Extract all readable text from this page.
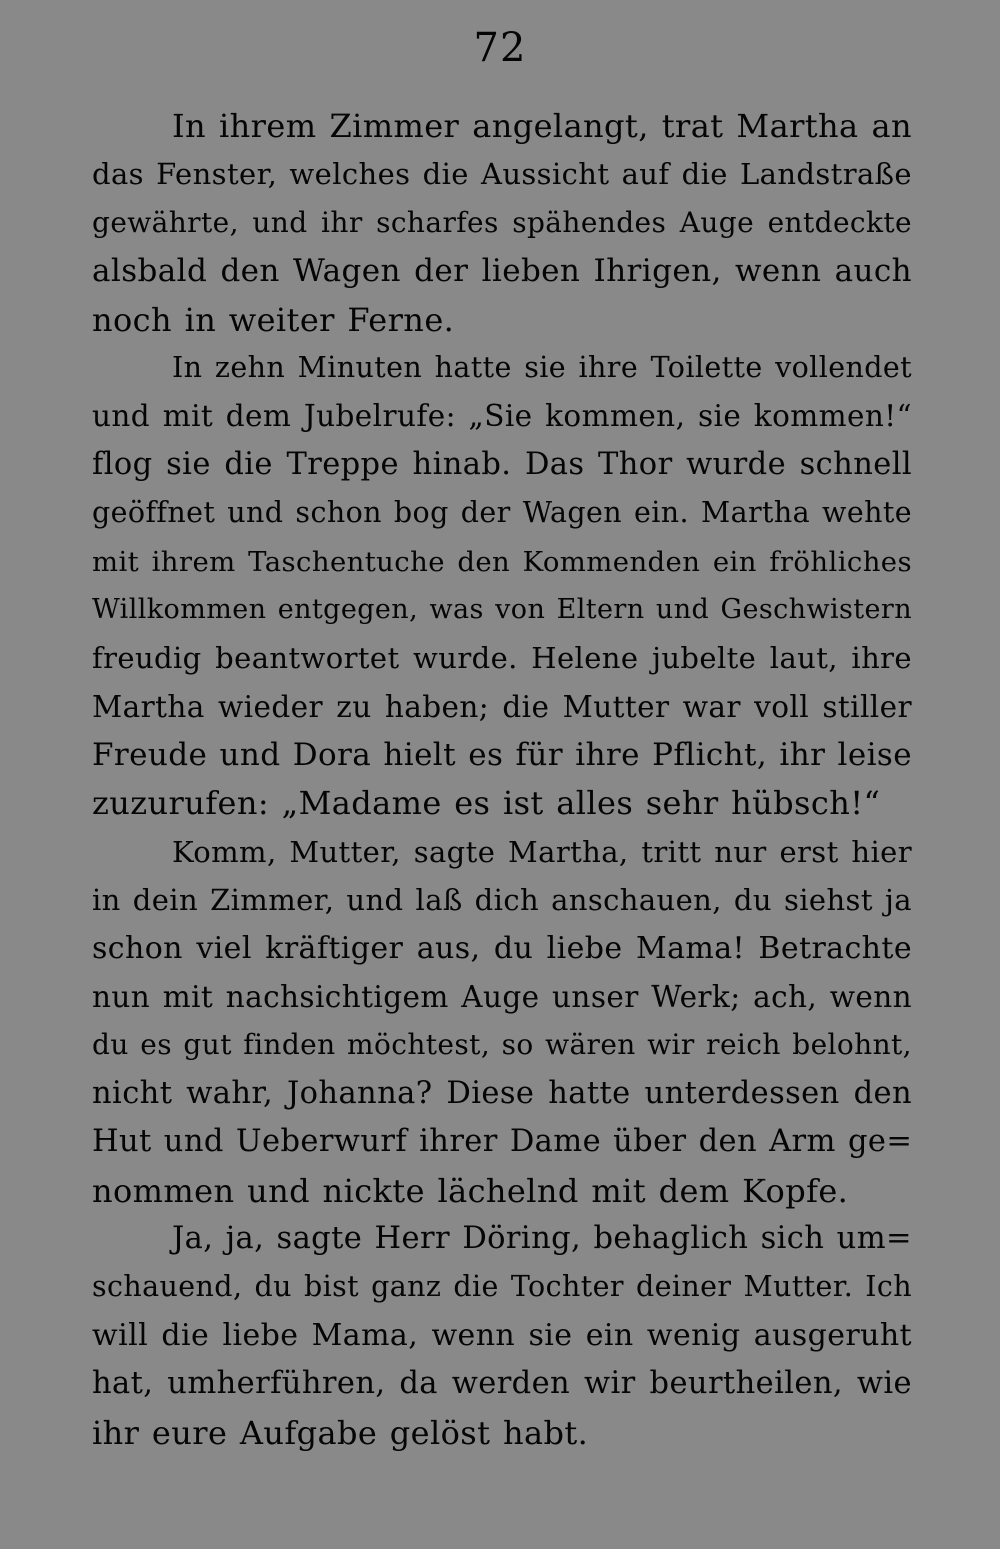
72
In ihrem Zimmer angelangt, trat Martha an
das Fenster, welches die Aussicht auf die Landstraße
gewährte, und ihr scharfes spähendes Auge entdeckte
alsbald den Wagen der lieben Ihrigen, wenn auch
noch in weiter Ferne.
In zehn Minuten hatte sie ihre Toilette vollendet
und mit dem Jubelrufe: „Sie kommen, sie kommen!“
flog sie die Treppe hinab. Das Thor wurde schnell
geöffnet und schon bog der Wagen ein. Martha wehte
mit ihrem Taschentuche den Kommenden ein fröhliches
Willkommen entgegen, was von Eltern und Geschwistern
freudig beantwortet wurde. Helene jubelte laut, ihre
Martha wieder zu haben; die Mutter war voll stiller
Freude und Dora hielt es für ihre Pflicht, ihr leise
zuzurufen: „Madame es ist alles sehr hübsch!“
Komm, Mutter, sagte Martha, tritt nur erst hier
in dein Zimmer, und laß dich anschauen, du siehst ja
schon viel kräftiger aus, du liebe Mama! Betrachte
nun mit nachsichtigem Auge unser Werk; ach, wenn
du es gut finden möchtest, so wären wir reich belohnt,
nicht wahr, Johanna? Diese hatte unterdessen den
Hut und Ueberwurf ihrer Dame über den Arm ge=
nommen und nickte lächelnd mit dem Kopfe.
Ja, ja, sagte Herr Döring, behaglich sich um=
schauend, du bist ganz die Tochter deiner Mutter. Ich
will die liebe Mama, wenn sie ein wenig ausgeruht
hat, umherführen, da werden wir beurtheilen, wie
ihr eure Aufgabe gelöst habt.
